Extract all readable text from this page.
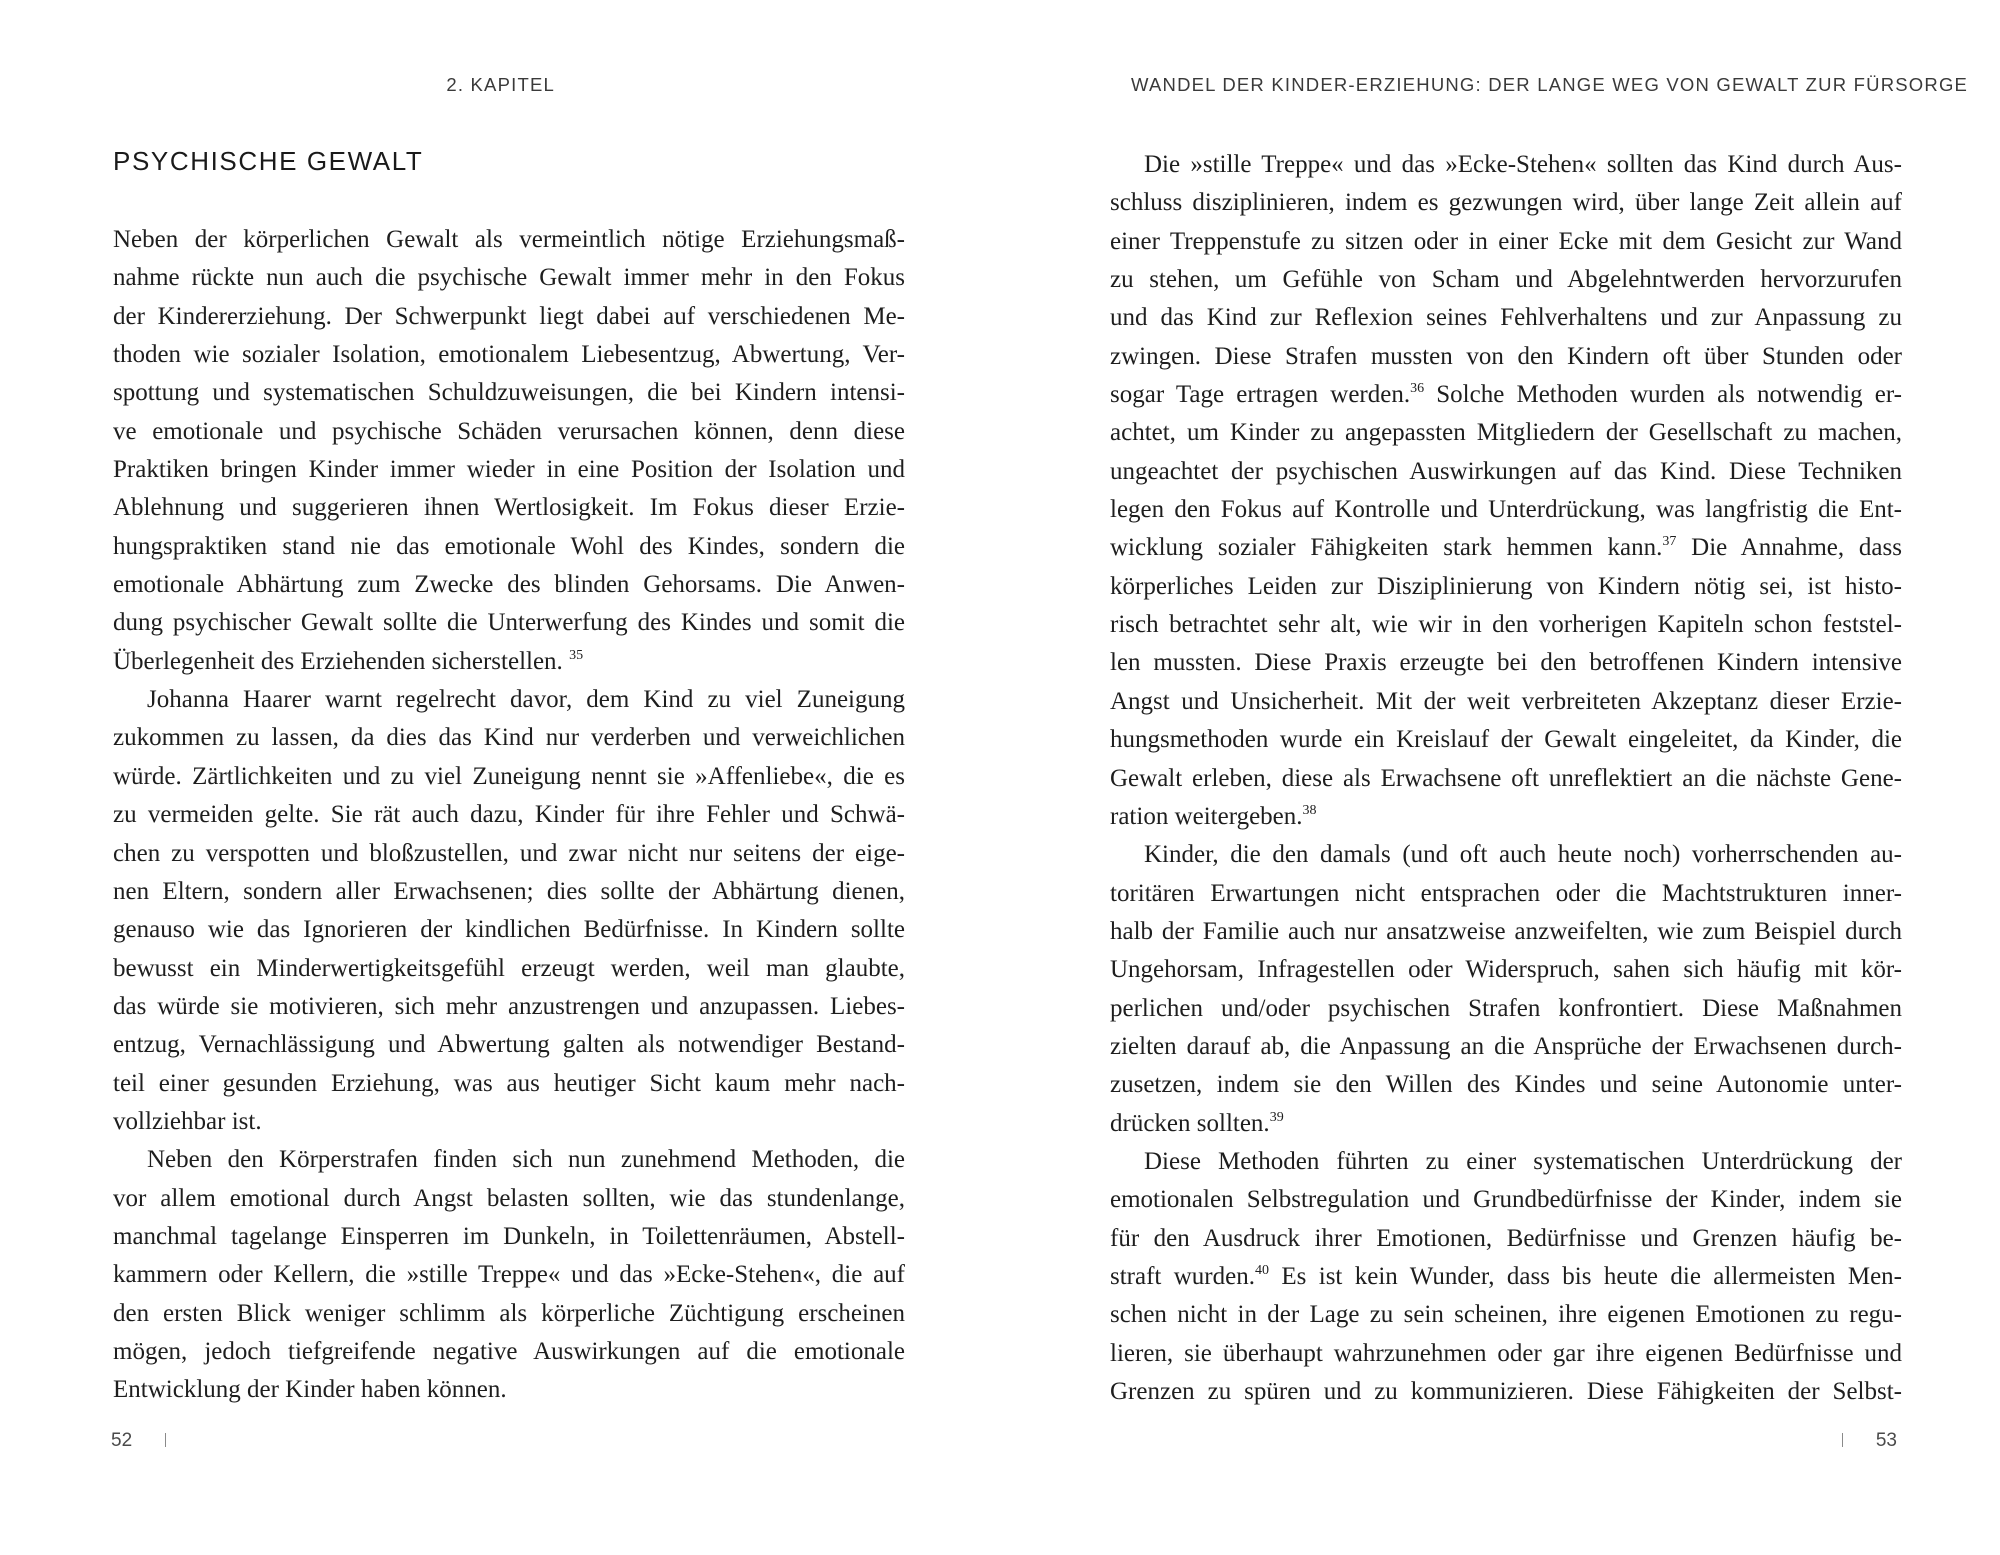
2. KAPITEL
PSYCHISCHE GEWALT
Neben der körperlichen Gewalt als vermeintlich nötige Erziehungsmaß-
nahme rückte nun auch die psychische Gewalt immer mehr in den Fokus
der Kindererziehung. Der Schwerpunkt liegt dabei auf verschiedenen Me-
thoden wie sozialer Isolation, emotionalem Liebesentzug, Abwertung, Ver-
spottung und systematischen Schuldzuweisungen, die bei Kindern intensi-
ve emotionale und psychische Schäden verursachen können, denn diese
Praktiken bringen Kinder immer wieder in eine Position der Isolation und
Ablehnung und suggerieren ihnen Wertlosigkeit. Im Fokus dieser Erzie-
hungspraktiken stand nie das emotionale Wohl des Kindes, sondern die
emotionale Abhärtung zum Zwecke des blinden Gehorsams. Die Anwen-
dung psychischer Gewalt sollte die Unterwerfung des Kindes und somit die
Überlegenheit des Erziehenden sicherstellen. $^{35}$
Johanna Haarer warnt regelrecht davor, dem Kind zu viel Zuneigung
zukommen zu lassen, da dies das Kind nur verderben und verweichlichen
würde. Zärtlichkeiten und zu viel Zuneigung nennt sie »Affenliebe«, die es
zu vermeiden gelte. Sie rät auch dazu, Kinder für ihre Fehler und Schwä-
chen zu verspotten und bloßzustellen, und zwar nicht nur seitens der eige-
nen Eltern, sondern aller Erwachsenen; dies sollte der Abhärtung dienen,
genauso wie das Ignorieren der kindlichen Bedürfnisse. In Kindern sollte
bewusst ein Minderwertigkeitsgefühl erzeugt werden, weil man glaubte,
das würde sie motivieren, sich mehr anzustrengen und anzupassen. Liebes-
entzug, Vernachlässigung und Abwertung galten als notwendiger Bestand-
teil einer gesunden Erziehung, was aus heutiger Sicht kaum mehr nach-
vollziehbar ist.
Neben den Körperstrafen finden sich nun zunehmend Methoden, die
vor allem emotional durch Angst belasten sollten, wie das stundenlange,
manchmal tagelange Einsperren im Dunkeln, in Toilettenräumen, Abstell-
kammern oder Kellern, die »stille Treppe« und das »Ecke-Stehen«, die auf
den ersten Blick weniger schlimm als körperliche Züchtigung erscheinen
mögen, jedoch tiefgreifende negative Auswirkungen auf die emotionale
Entwicklung der Kinder haben können.
52
WANDEL DER KINDER-ERZIEHUNG: DER LANGE WEG VON GEWALT ZUR FÜRSORGE
Die »stille Treppe« und das »Ecke-Stehen« sollten das Kind durch Aus-
schluss disziplinieren, indem es gezwungen wird, über lange Zeit allein auf
einer Treppenstufe zu sitzen oder in einer Ecke mit dem Gesicht zur Wand
zu stehen, um Gefühle von Scham und Abgelehntwerden hervorzurufen
und das Kind zur Reflexion seines Fehlverhaltens und zur Anpassung zu
zwingen. Diese Strafen mussten von den Kindern oft über Stunden oder
sogar Tage ertragen werden.$^{36}$ Solche Methoden wurden als notwendig er-
achtet, um Kinder zu angepassten Mitgliedern der Gesellschaft zu machen,
ungeachtet der psychischen Auswirkungen auf das Kind. Diese Techniken
legen den Fokus auf Kontrolle und Unterdrückung, was langfristig die Ent-
wicklung sozialer Fähigkeiten stark hemmen kann.$^{37}$ Die Annahme, dass
körperliches Leiden zur Disziplinierung von Kindern nötig sei, ist histo-
risch betrachtet sehr alt, wie wir in den vorherigen Kapiteln schon feststel-
len mussten. Diese Praxis erzeugte bei den betroffenen Kindern intensive
Angst und Unsicherheit. Mit der weit verbreiteten Akzeptanz dieser Erzie-
hungsmethoden wurde ein Kreislauf der Gewalt eingeleitet, da Kinder, die
Gewalt erleben, diese als Erwachsene oft unreflektiert an die nächste Gene-
ration weitergeben.$^{38}$
Kinder, die den damals (und oft auch heute noch) vorherrschenden au-
toritären Erwartungen nicht entsprachen oder die Machtstrukturen inner-
halb der Familie auch nur ansatzweise anzweifelten, wie zum Beispiel durch
Ungehorsam, Infragestellen oder Widerspruch, sahen sich häufig mit kör-
perlichen und/oder psychischen Strafen konfrontiert. Diese Maßnahmen
zielten darauf ab, die Anpassung an die Ansprüche der Erwachsenen durch-
zusetzen, indem sie den Willen des Kindes und seine Autonomie unter-
drücken sollten.$^{39}$
Diese Methoden führten zu einer systematischen Unterdrückung der
emotionalen Selbstregulation und Grundbedürfnisse der Kinder, indem sie
für den Ausdruck ihrer Emotionen, Bedürfnisse und Grenzen häufig be-
straft wurden.$^{40}$ Es ist kein Wunder, dass bis heute die allermeisten Men-
schen nicht in der Lage zu sein scheinen, ihre eigenen Emotionen zu regu-
lieren, sie überhaupt wahrzunehmen oder gar ihre eigenen Bedürfnisse und
Grenzen zu spüren und zu kommunizieren. Diese Fähigkeiten der Selbst-
53
